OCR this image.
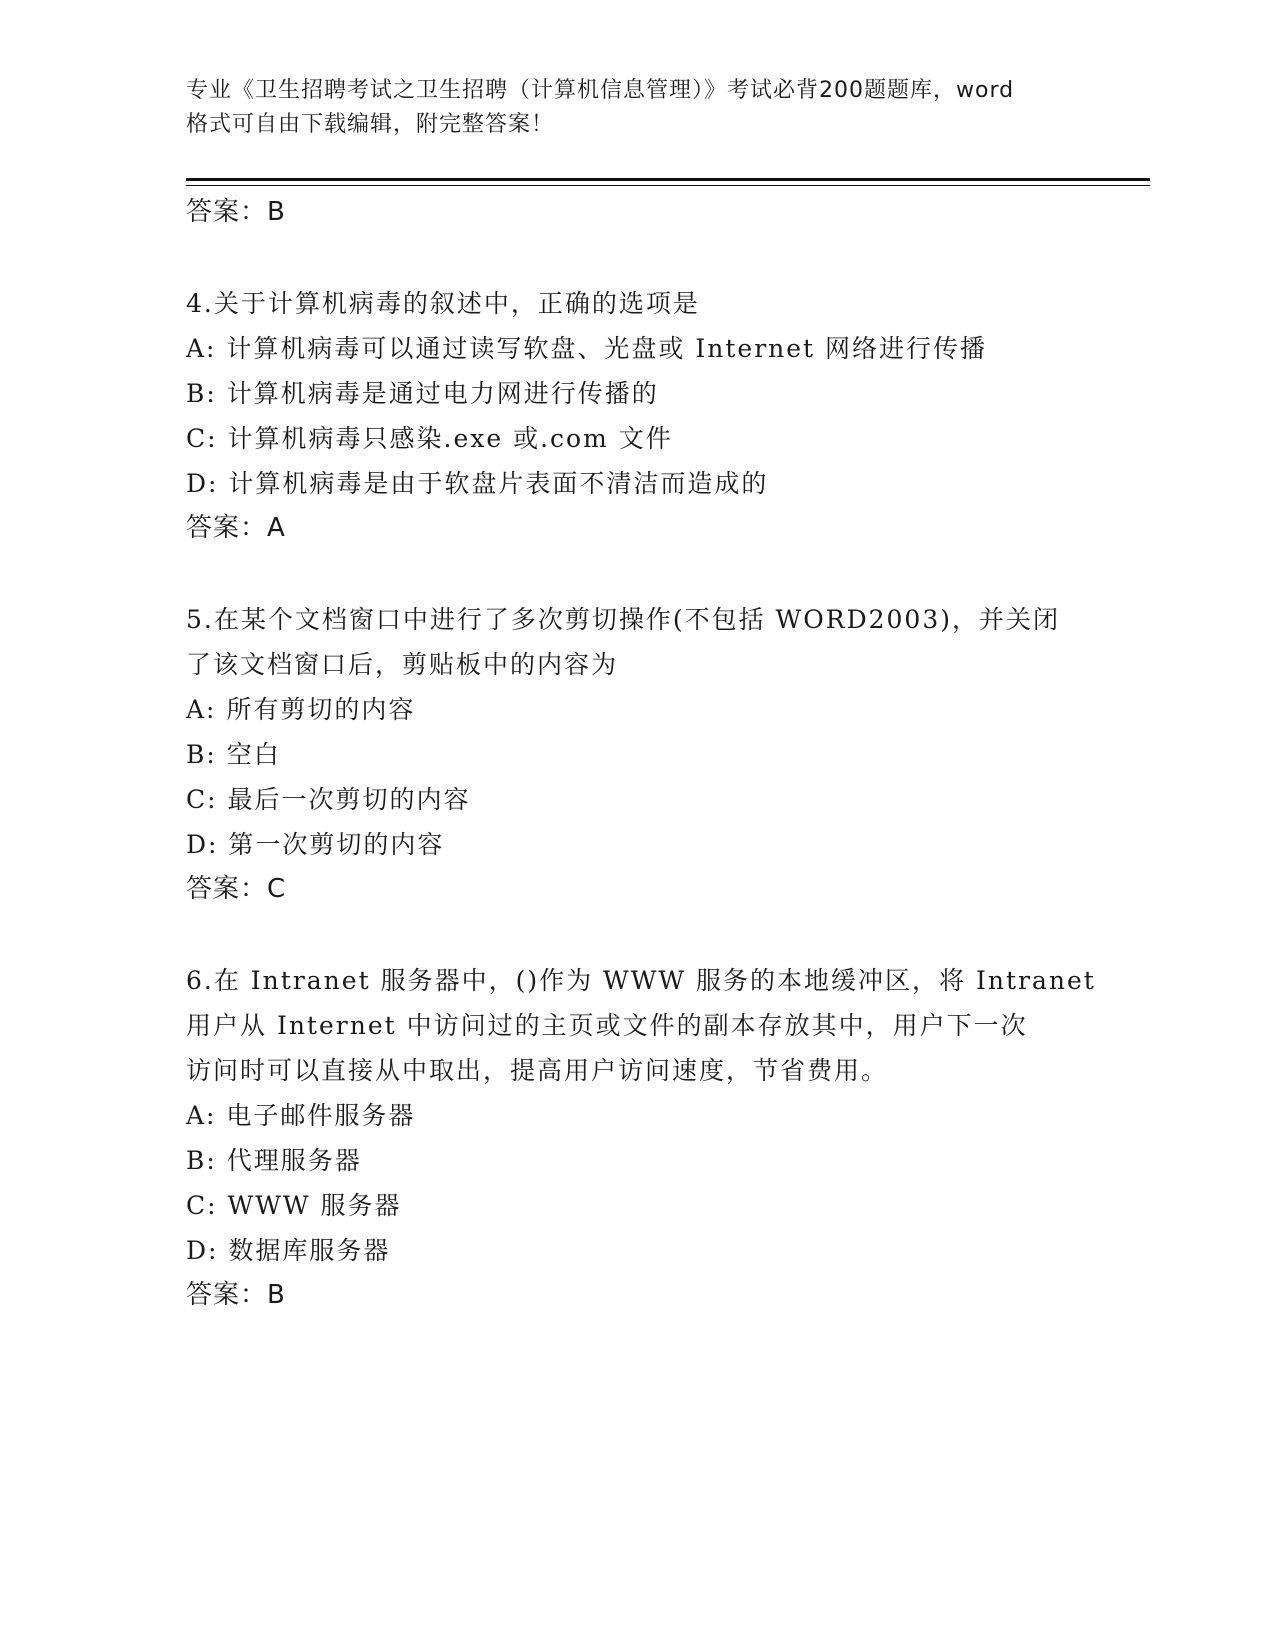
专业《卫生招聘考试之卫生招聘（计算机信息管理）》考试必背200题题库，word
格式可自由下载编辑，附完整答案！
答案：B
4.关于计算机病毒的叙述中，正确的选项是
A: 计算机病毒可以通过读写软盘、光盘或 Internet 网络进行传播
B: 计算机病毒是通过电力网进行传播的
C: 计算机病毒只感染.exe 或.com 文件
D: 计算机病毒是由于软盘片表面不清洁而造成的
答案：A
5.在某个文档窗口中进行了多次剪切操作(不包括 WORD2003)，并关闭
了该文档窗口后，剪贴板中的内容为
A: 所有剪切的内容
B: 空白
C: 最后一次剪切的内容
D: 第一次剪切的内容
答案：C
6.在 Intranet 服务器中，()作为 WWW 服务的本地缓冲区，将 Intranet
用户从 Internet 中访问过的主页或文件的副本存放其中，用户下一次
访问时可以直接从中取出，提高用户访问速度，节省费用。
A: 电子邮件服务器
B: 代理服务器
C: WWW 服务器
D: 数据库服务器
答案：B
